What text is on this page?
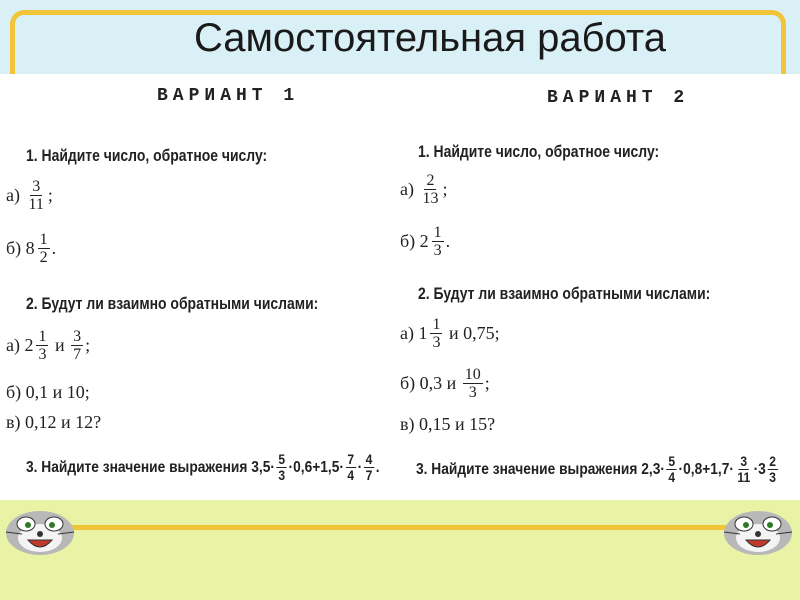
Самостоятельная работа
ВАРИАНТ 1
1. Найдите число, обратное числу:
а)
$\frac{3}{11}$ ;
б)
$8 \frac{1}{2}$ .
2. Будут ли взаимно обратными числами:
а)
$2 \frac{1}{3}$
и
$\frac{3}{7}$ ;
б) 0,1 и 10;
в) 0,12 и 12?
3. Найдите значение выражения
$3,5\cdot \frac{5}{3} \cdot 0,6+1,5\cdot \frac{7}{4} \cdot \frac{4}{7}$ .
ВАРИАНТ 2
1. Найдите число, обратное числу:
а)
$\frac{2}{13}$ ;
б)
$2 \frac{1}{3}$ .
2. Будут ли взаимно обратными числами:
а)
$1 \frac{1}{3}$
и 0,75;
б)
0,3 и
$\frac{10}{3}$ ;
в) 0,15 и 15?
3. Найдите значение выражения
$2,3\cdot \frac{5}{4} \cdot 0,8+1,7\cdot \frac{3}{11} \cdot 3 \frac{2}{3}$
